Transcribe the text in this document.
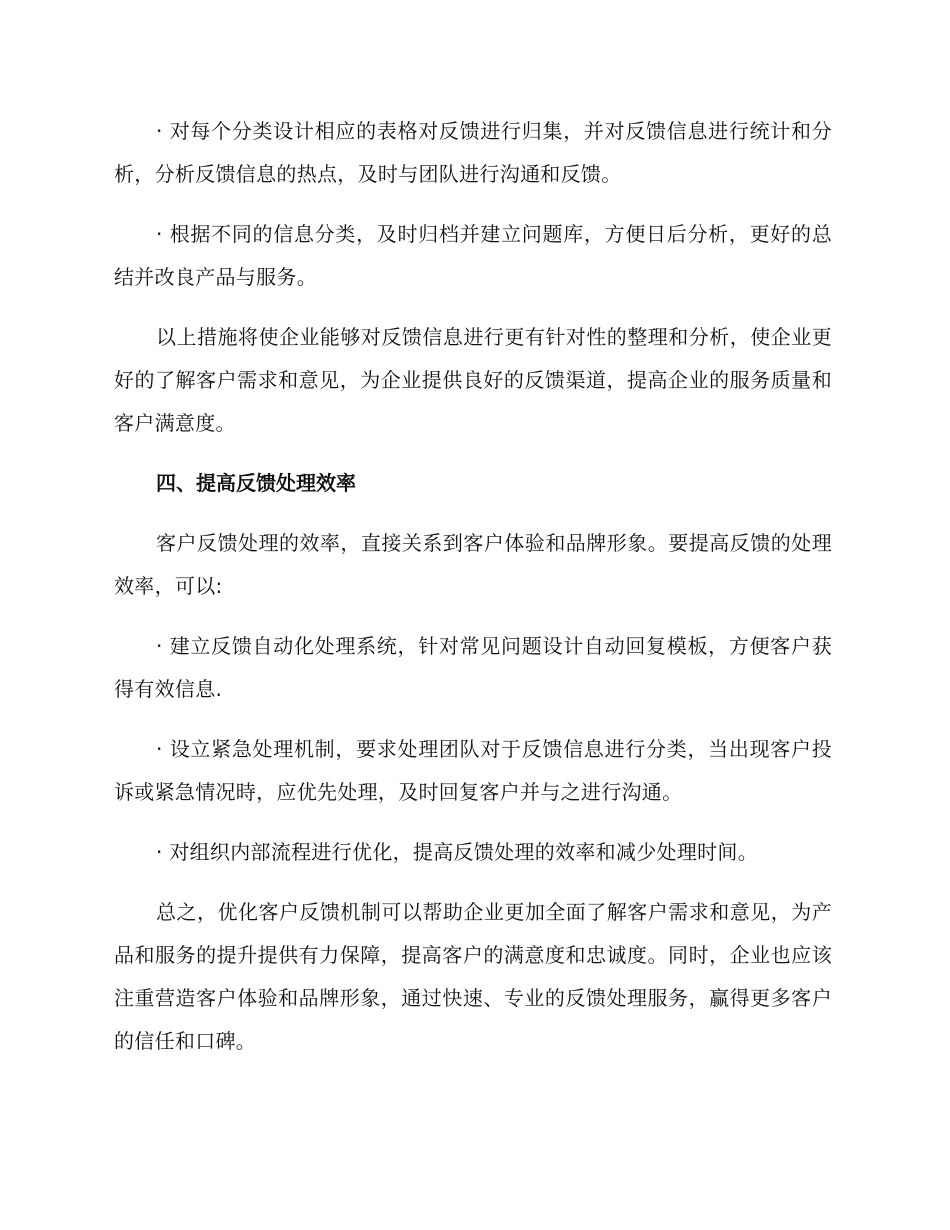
· 对每个分类设计相应的表格对反馈进行归集，并对反馈信息进行统计和分析，分析反馈信息的热点，及时与团队进行沟通和反馈。

· 根据不同的信息分类，及时归档并建立问题库，方便日后分析，更好的总结并改良产品与服务。

以上措施将使企业能够对反馈信息进行更有针对性的整理和分析，使企业更好的了解客户需求和意见，为企业提供良好的反馈渠道，提高企业的服务质量和客户满意度。

四、提高反馈处理效率

客户反馈处理的效率，直接关系到客户体验和品牌形象。要提高反馈的处理效率，可以:

· 建立反馈自动化处理系统，针对常见问题设计自动回复模板，方便客户获得有效信息.

· 设立紧急处理机制，要求处理团队对于反馈信息进行分类，当出现客户投诉或紧急情况時，应优先处理，及时回复客户并与之进行沟通。

· 对组织内部流程进行优化，提高反馈处理的效率和减少处理时间。

总之，优化客户反馈机制可以帮助企业更加全面了解客户需求和意见，为产品和服务的提升提供有力保障，提高客户的满意度和忠诚度。同时，企业也应该注重营造客户体验和品牌形象，通过快速、专业的反馈处理服务，赢得更多客户的信任和口碑。
